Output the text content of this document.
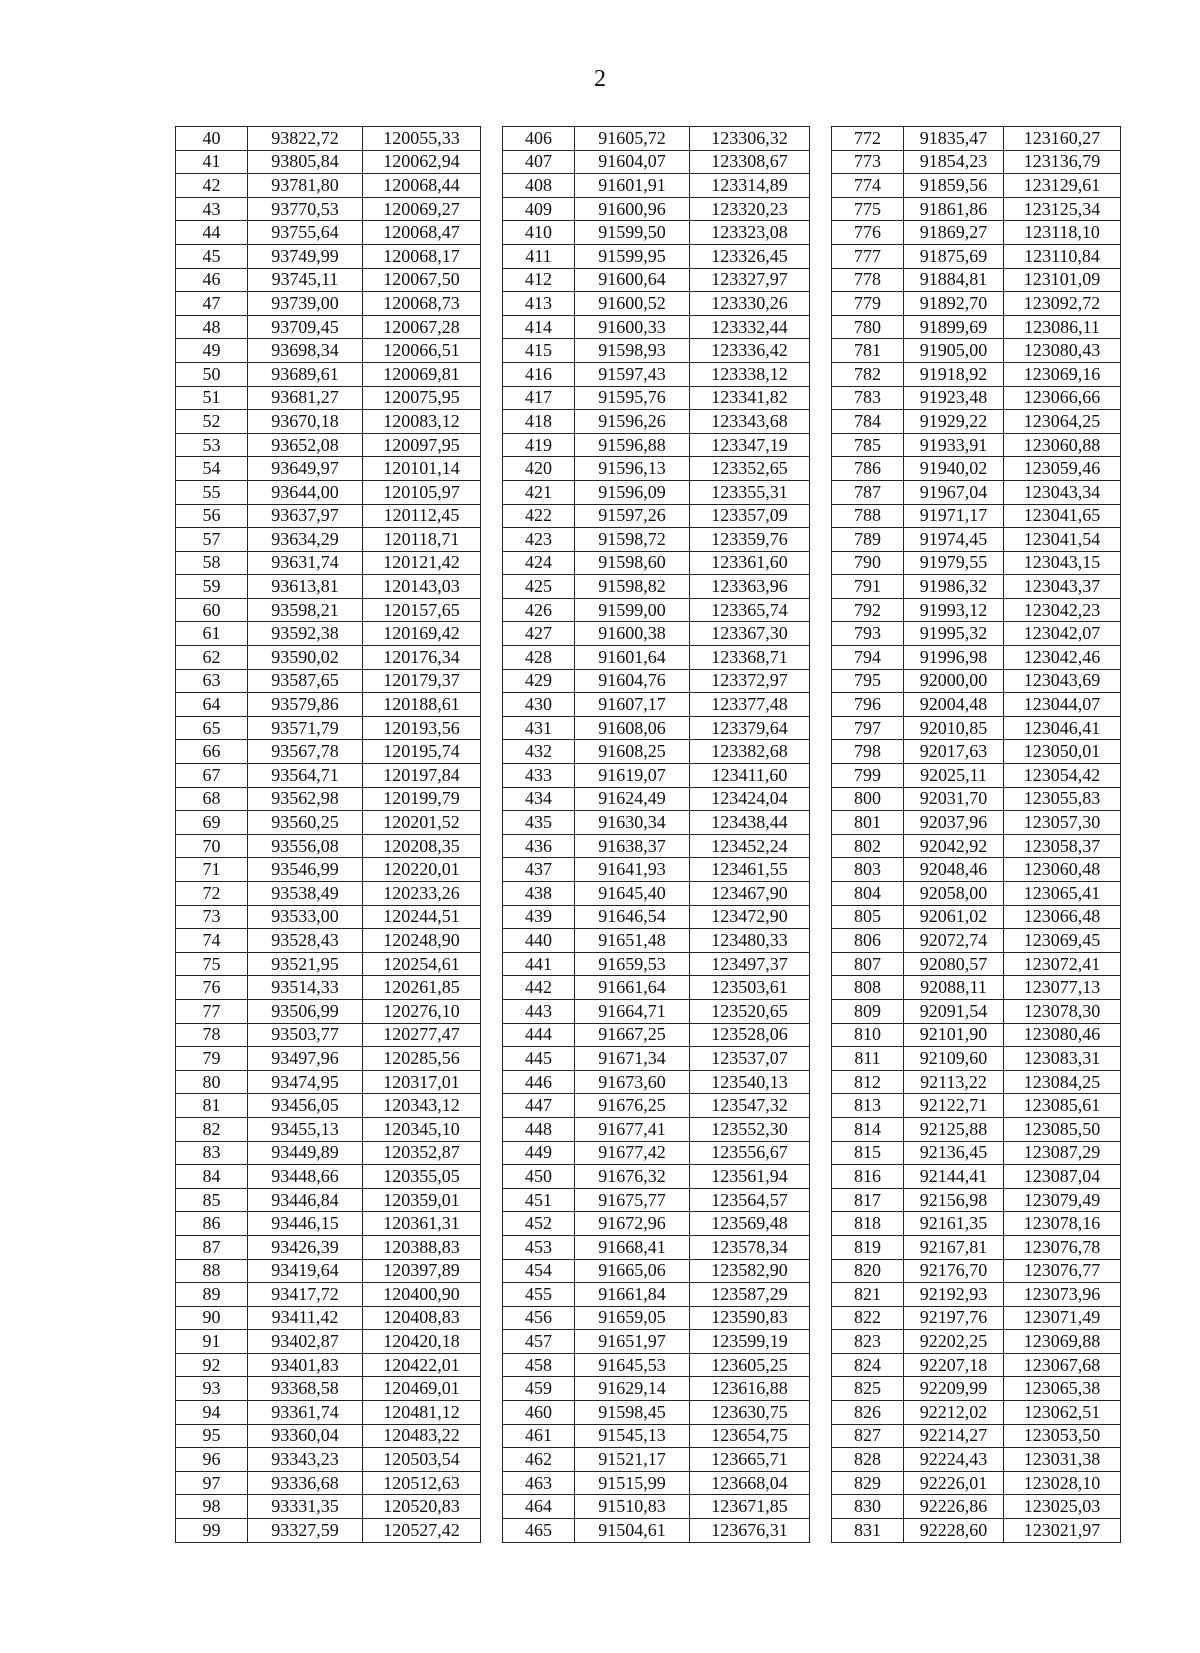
2
40	93822,72	120055,33		406	91605,72	123306,32		772	91835,47	123160,27
41	93805,84	120062,94		407	91604,07	123308,67		773	91854,23	123136,79
42	93781,80	120068,44		408	91601,91	123314,89		774	91859,56	123129,61
43	93770,53	120069,27		409	91600,96	123320,23		775	91861,86	123125,34
44	93755,64	120068,47		410	91599,50	123323,08		776	91869,27	123118,10
45	93749,99	120068,17		411	91599,95	123326,45		777	91875,69	123110,84
46	93745,11	120067,50		412	91600,64	123327,97		778	91884,81	123101,09
47	93739,00	120068,73		413	91600,52	123330,26		779	91892,70	123092,72
48	93709,45	120067,28		414	91600,33	123332,44		780	91899,69	123086,11
49	93698,34	120066,51		415	91598,93	123336,42		781	91905,00	123080,43
50	93689,61	120069,81		416	91597,43	123338,12		782	91918,92	123069,16
51	93681,27	120075,95		417	91595,76	123341,82		783	91923,48	123066,66
52	93670,18	120083,12		418	91596,26	123343,68		784	91929,22	123064,25
53	93652,08	120097,95		419	91596,88	123347,19		785	91933,91	123060,88
54	93649,97	120101,14		420	91596,13	123352,65		786	91940,02	123059,46
55	93644,00	120105,97		421	91596,09	123355,31		787	91967,04	123043,34
56	93637,97	120112,45		422	91597,26	123357,09		788	91971,17	123041,65
57	93634,29	120118,71		423	91598,72	123359,76		789	91974,45	123041,54
58	93631,74	120121,42		424	91598,60	123361,60		790	91979,55	123043,15
59	93613,81	120143,03		425	91598,82	123363,96		791	91986,32	123043,37
60	93598,21	120157,65		426	91599,00	123365,74		792	91993,12	123042,23
61	93592,38	120169,42		427	91600,38	123367,30		793	91995,32	123042,07
62	93590,02	120176,34		428	91601,64	123368,71		794	91996,98	123042,46
63	93587,65	120179,37		429	91604,76	123372,97		795	92000,00	123043,69
64	93579,86	120188,61		430	91607,17	123377,48		796	92004,48	123044,07
65	93571,79	120193,56		431	91608,06	123379,64		797	92010,85	123046,41
66	93567,78	120195,74		432	91608,25	123382,68		798	92017,63	123050,01
67	93564,71	120197,84		433	91619,07	123411,60		799	92025,11	123054,42
68	93562,98	120199,79		434	91624,49	123424,04		800	92031,70	123055,83
69	93560,25	120201,52		435	91630,34	123438,44		801	92037,96	123057,30
70	93556,08	120208,35		436	91638,37	123452,24		802	92042,92	123058,37
71	93546,99	120220,01		437	91641,93	123461,55		803	92048,46	123060,48
72	93538,49	120233,26		438	91645,40	123467,90		804	92058,00	123065,41
73	93533,00	120244,51		439	91646,54	123472,90		805	92061,02	123066,48
74	93528,43	120248,90		440	91651,48	123480,33		806	92072,74	123069,45
75	93521,95	120254,61		441	91659,53	123497,37		807	92080,57	123072,41
76	93514,33	120261,85		442	91661,64	123503,61		808	92088,11	123077,13
77	93506,99	120276,10		443	91664,71	123520,65		809	92091,54	123078,30
78	93503,77	120277,47		444	91667,25	123528,06		810	92101,90	123080,46
79	93497,96	120285,56		445	91671,34	123537,07		811	92109,60	123083,31
80	93474,95	120317,01		446	91673,60	123540,13		812	92113,22	123084,25
81	93456,05	120343,12		447	91676,25	123547,32		813	92122,71	123085,61
82	93455,13	120345,10		448	91677,41	123552,30		814	92125,88	123085,50
83	93449,89	120352,87		449	91677,42	123556,67		815	92136,45	123087,29
84	93448,66	120355,05		450	91676,32	123561,94		816	92144,41	123087,04
85	93446,84	120359,01		451	91675,77	123564,57		817	92156,98	123079,49
86	93446,15	120361,31		452	91672,96	123569,48		818	92161,35	123078,16
87	93426,39	120388,83		453	91668,41	123578,34		819	92167,81	123076,78
88	93419,64	120397,89		454	91665,06	123582,90		820	92176,70	123076,77
89	93417,72	120400,90		455	91661,84	123587,29		821	92192,93	123073,96
90	93411,42	120408,83		456	91659,05	123590,83		822	92197,76	123071,49
91	93402,87	120420,18		457	91651,97	123599,19		823	92202,25	123069,88
92	93401,83	120422,01		458	91645,53	123605,25		824	92207,18	123067,68
93	93368,58	120469,01		459	91629,14	123616,88		825	92209,99	123065,38
94	93361,74	120481,12		460	91598,45	123630,75		826	92212,02	123062,51
95	93360,04	120483,22		461	91545,13	123654,75		827	92214,27	123053,50
96	93343,23	120503,54		462	91521,17	123665,71		828	92224,43	123031,38
97	93336,68	120512,63		463	91515,99	123668,04		829	92226,01	123028,10
98	93331,35	120520,83		464	91510,83	123671,85		830	92226,86	123025,03
99	93327,59	120527,42		465	91504,61	123676,31		831	92228,60	123021,97
